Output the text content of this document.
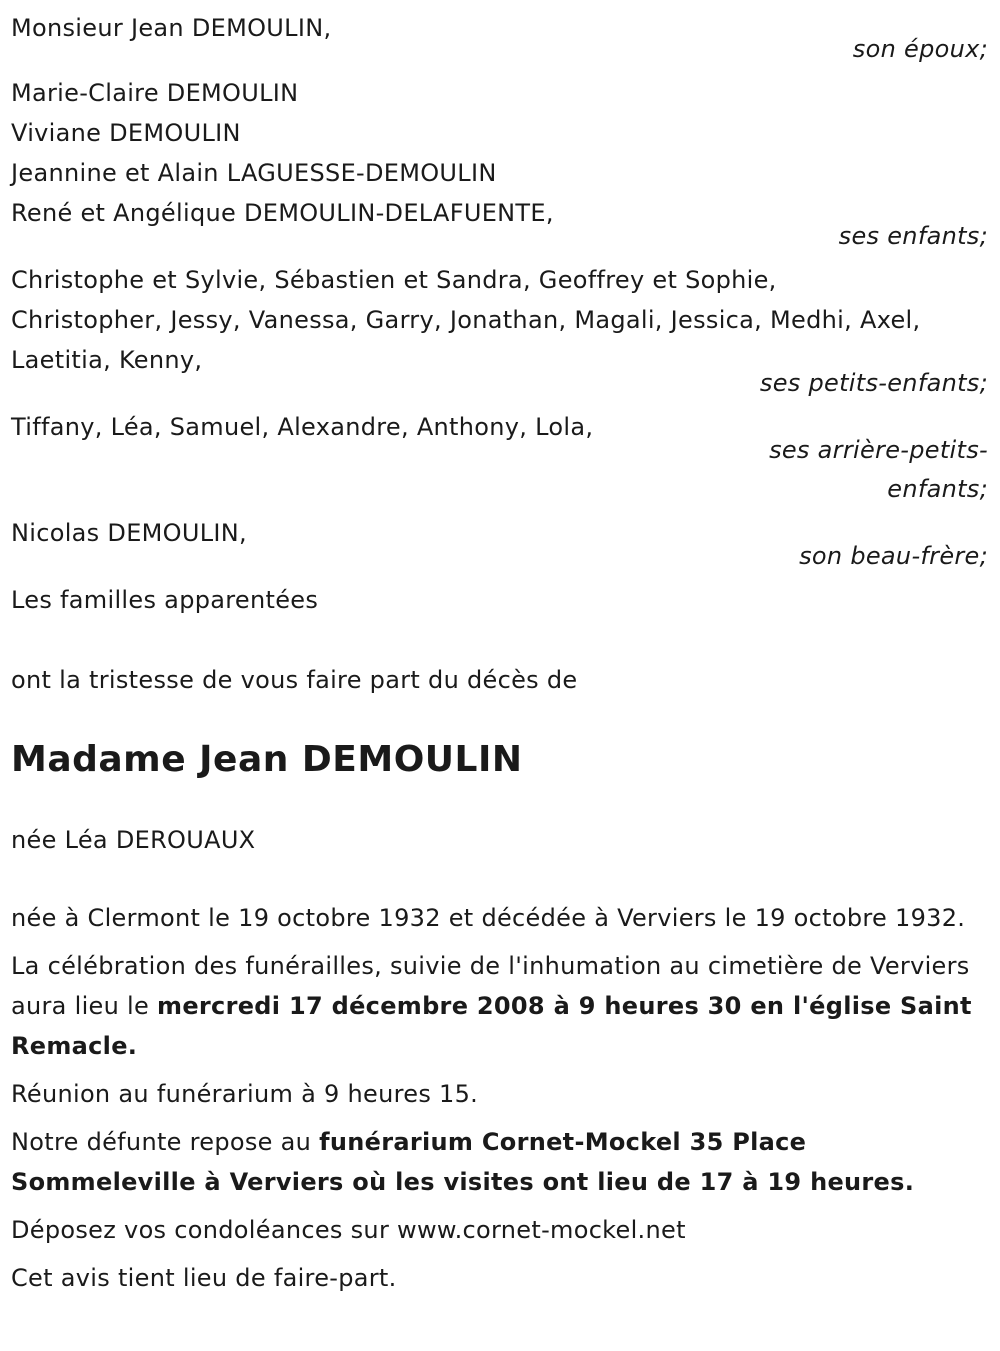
Monsieur Jean DEMOULIN,
son époux;
Marie-Claire DEMOULIN
Viviane DEMOULIN
Jeannine et Alain LAGUESSE-DEMOULIN
René et Angélique DEMOULIN-DELAFUENTE,
ses enfants;
Christophe et Sylvie, Sébastien et Sandra, Geoffrey et Sophie,
Christopher, Jessy, Vanessa, Garry, Jonathan, Magali, Jessica, Medhi, Axel,
Laetitia, Kenny,
ses petits-enfants;
Tiffany, Léa, Samuel, Alexandre, Anthony, Lola,
ses arrière-petits-
enfants;
Nicolas DEMOULIN,
son beau-frère;
Les familles apparentées
ont la tristesse de vous faire part du décès de
Madame Jean DEMOULIN
née Léa DEROUAUX

née à Clermont le 19 octobre 1932 et décédée à Verviers le 19 octobre 1932.

La célébration des funérailles, suivie de l'inhumation au cimetière de Verviers aura lieu le mercredi 17 décembre 2008 à 9 heures 30 en l'église Saint Remacle.

Réunion au funérarium à 9 heures 15.

Notre défunte repose au funérarium Cornet-Mockel 35 Place Sommeleville à Verviers où les visites ont lieu de 17 à 19 heures.

Déposez vos condoléances sur www.cornet-mockel.net

Cet avis tient lieu de faire-part.
